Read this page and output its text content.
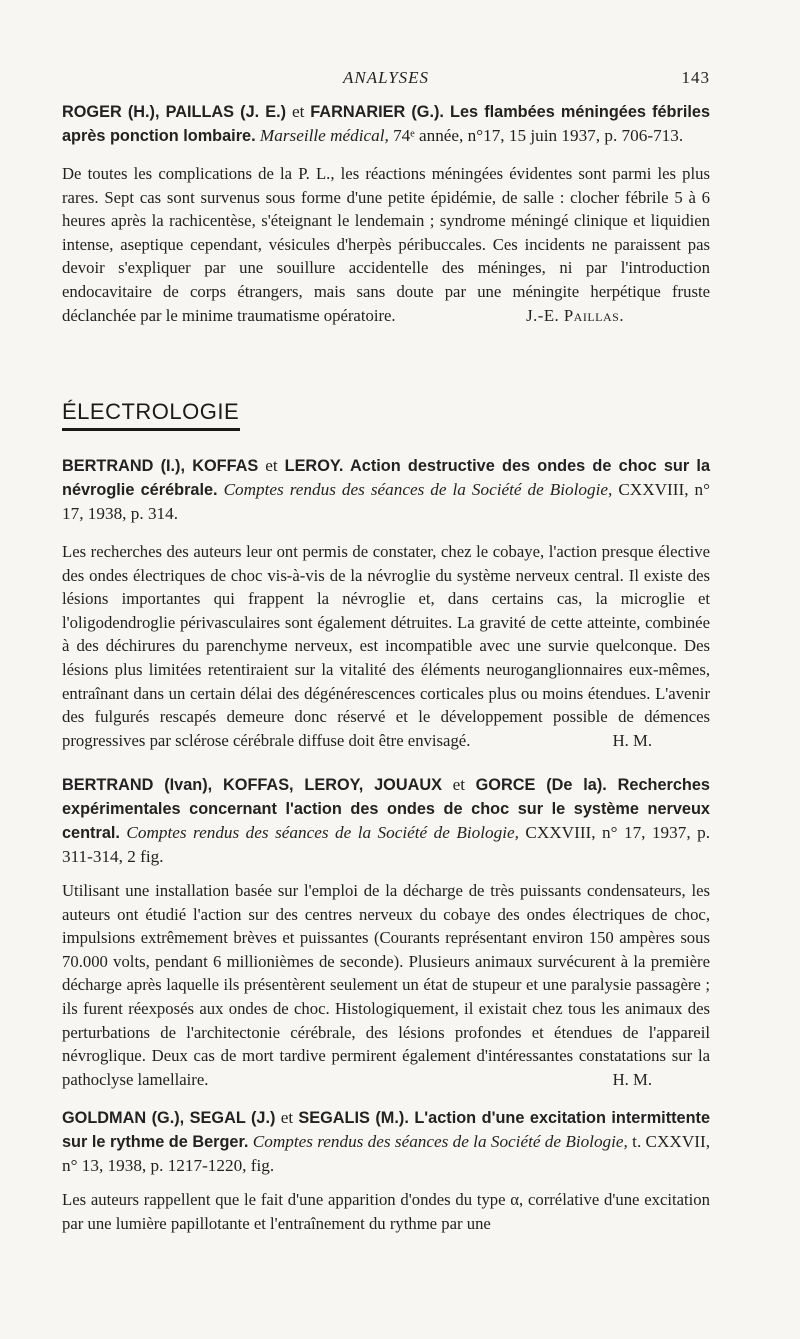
ANALYSES	143
ROGER (H.), PAILLAS (J. E.) et FARNARIER (G.). Les flambées méningées fébriles après ponction lombaire. Marseille médical, 74ᵉ année, n°17, 15 juin 1937, p. 706-713.
De toutes les complications de la P. L., les réactions méningées évidentes sont parmi les plus rares. Sept cas sont survenus sous forme d'une petite épidémie, de salle : clocher fébrile 5 à 6 heures après la rachicentèse, s'éteignant le lendemain ; syndrome méningé clinique et liquidien intense, aseptique cependant, vésicules d'herpès péribuccales. Ces incidents ne paraissent pas devoir s'expliquer par une souillure accidentelle des méninges, ni par l'introduction endocavitaire de corps étrangers, mais sans doute par une méningite herpétique fruste déclanchée par le minime traumatisme opératoire.	J.-E. Paillas.
ÉLECTROLOGIE
BERTRAND (I.), KOFFAS et LEROY. Action destructive des ondes de choc sur la névroglie cérébrale. Comptes rendus des séances de la Société de Biologie, CXXVIII, n° 17, 1938, p. 314.
Les recherches des auteurs leur ont permis de constater, chez le cobaye, l'action presque élective des ondes électriques de choc vis-à-vis de la névroglie du système nerveux central. Il existe des lésions importantes qui frappent la névroglie et, dans certains cas, la microglie et l'oligodendroglie périvasculaires sont également détruites. La gravité de cette atteinte, combinée à des déchirures du parenchyme nerveux, est incompatible avec une survie quelconque. Des lésions plus limitées retentiraient sur la vitalité des éléments neuroganglionnaires eux-mêmes, entraînant dans un certain délai des dégénérescences corticales plus ou moins étendues. L'avenir des fulgurés rescapés demeure donc réservé et le développement possible de démences progressives par sclérose cérébrale diffuse doit être envisagé.	H. M.
BERTRAND (Ivan), KOFFAS, LEROY, JOUAUX et GORCE (De la). Recherches expérimentales concernant l'action des ondes de choc sur le système nerveux central. Comptes rendus des séances de la Société de Biologie, CXXVIII, n° 17, 1937, p. 311-314, 2 fig.
Utilisant une installation basée sur l'emploi de la décharge de très puissants condensateurs, les auteurs ont étudié l'action sur des centres nerveux du cobaye des ondes électriques de choc, impulsions extrêmement brèves et puissantes (Courants représentant environ 150 ampères sous 70.000 volts, pendant 6 millionièmes de seconde). Plusieurs animaux survécurent à la première décharge après laquelle ils présentèrent seulement un état de stupeur et une paralysie passagère ; ils furent réexposés aux ondes de choc. Histologiquement, il existait chez tous les animaux des perturbations de l'architectonie cérébrale, des lésions profondes et étendues de l'appareil névroglique. Deux cas de mort tardive permirent également d'intéressantes constatations sur la pathoclyse lamellaire.	H. M.
GOLDMAN (G.), SEGAL (J.) et SEGALIS (M.). L'action d'une excitation intermittente sur le rythme de Berger. Comptes rendus des séances de la Société de Biologie, t. CXXVII, n° 13, 1938, p. 1217-1220, fig.
Les auteurs rappellent que le fait d'une apparition d'ondes du type α, corrélative d'une excitation par une lumière papillotante et l'entraînement du rythme par une
